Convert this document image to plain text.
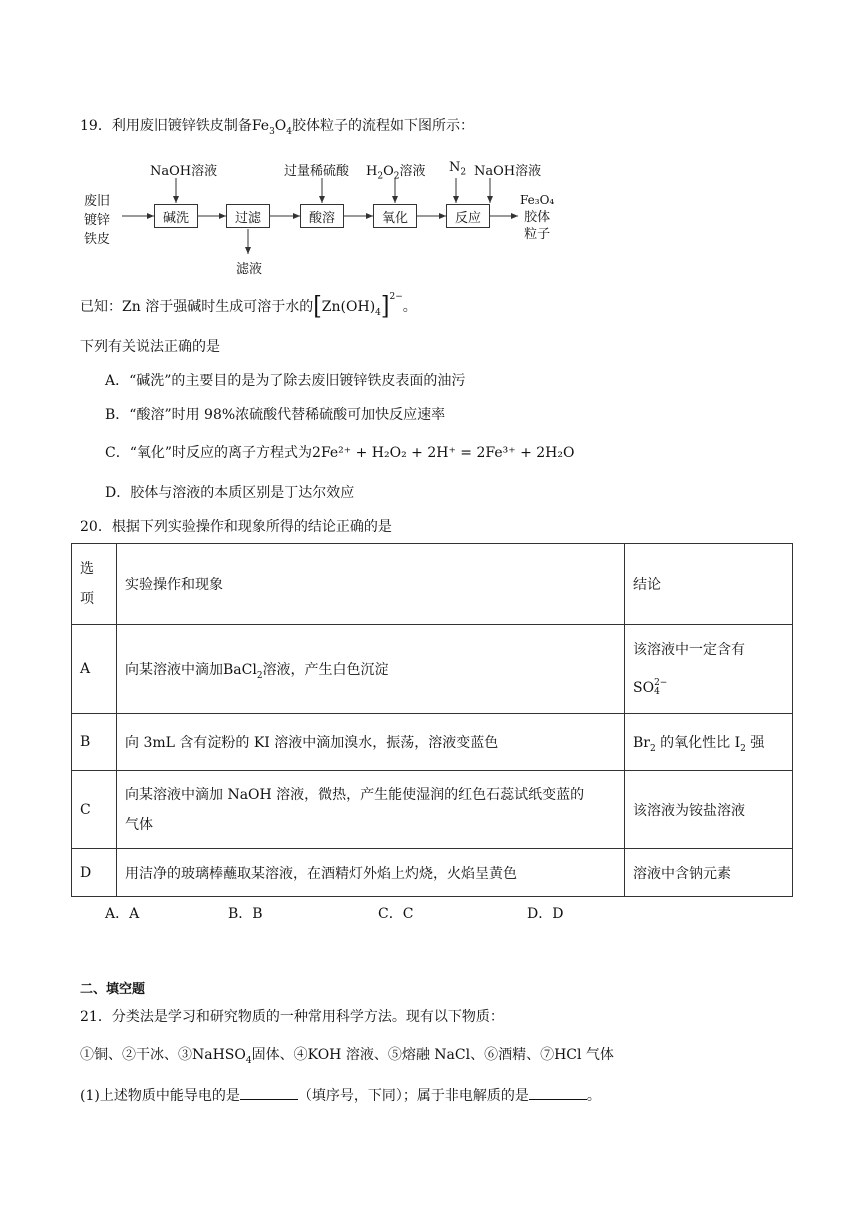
19．利用废旧镀锌铁皮制备$Fe_3O_4$胶体粒子的流程如下图所示：
废旧
镀锌
铁皮
碱洗	过滤	酸溶	氧化	反应
NaOH溶液	过量稀硫酸 $H_2O_2$溶液 $N_2$ NaOH溶液
滤液
Fe₃O₄
胶体
粒子
已知：Zn 溶于强碱时生成可溶于水的 [ $Zn(OH)_4$ ]$^{2-}$
。
下列有关说法正确的是
A．“碱洗”的主要目的是为了除去废旧镀锌铁皮表面的油污
B．“酸溶”时用 98%浓硫酸代替稀硫酸可加快反应速率
C．“氧化”时反应的离子方程式为2Fe²⁺ + H₂O₂ + 2H⁺ = 2Fe³⁺ + 2H₂O
D．胶体与溶液的本质区别是丁达尔效应
20．根据下列实验操作和现象所得的结论正确的是
选
项	实验操作和现象	结论
A	向某溶液中滴加BaCl$_2$溶液，产生白色沉淀	该溶液中一定含有
SO 2−
4

B	向 3mL 含有淀粉的 KI 溶液中滴加溴水，振荡，溶液变蓝色	$Br_2$ 的氧化性比 $I_2$ 强
C	向某溶液中滴加 NaOH 溶液，微热，产生能使湿润的红色石蕊试纸变蓝的
气体	该溶液为铵盐溶液
D	用洁净的玻璃棒蘸取某溶液，在酒精灯外焰上灼烧，火焰呈黄色	溶液中含钠元素
A．A	B．B	C．C	D．D
二、填空题
21．分类法是学习和研究物质的一种常用科学方法。现有以下物质：
①铜、②干冰、③NaHSO$_4$固体、④KOH 溶液、⑤熔融 NaCl、⑥酒精、⑦HCl 气体
(1)上述物质中能导电的是	（填序号，下同）；属于非电解质的是	。
